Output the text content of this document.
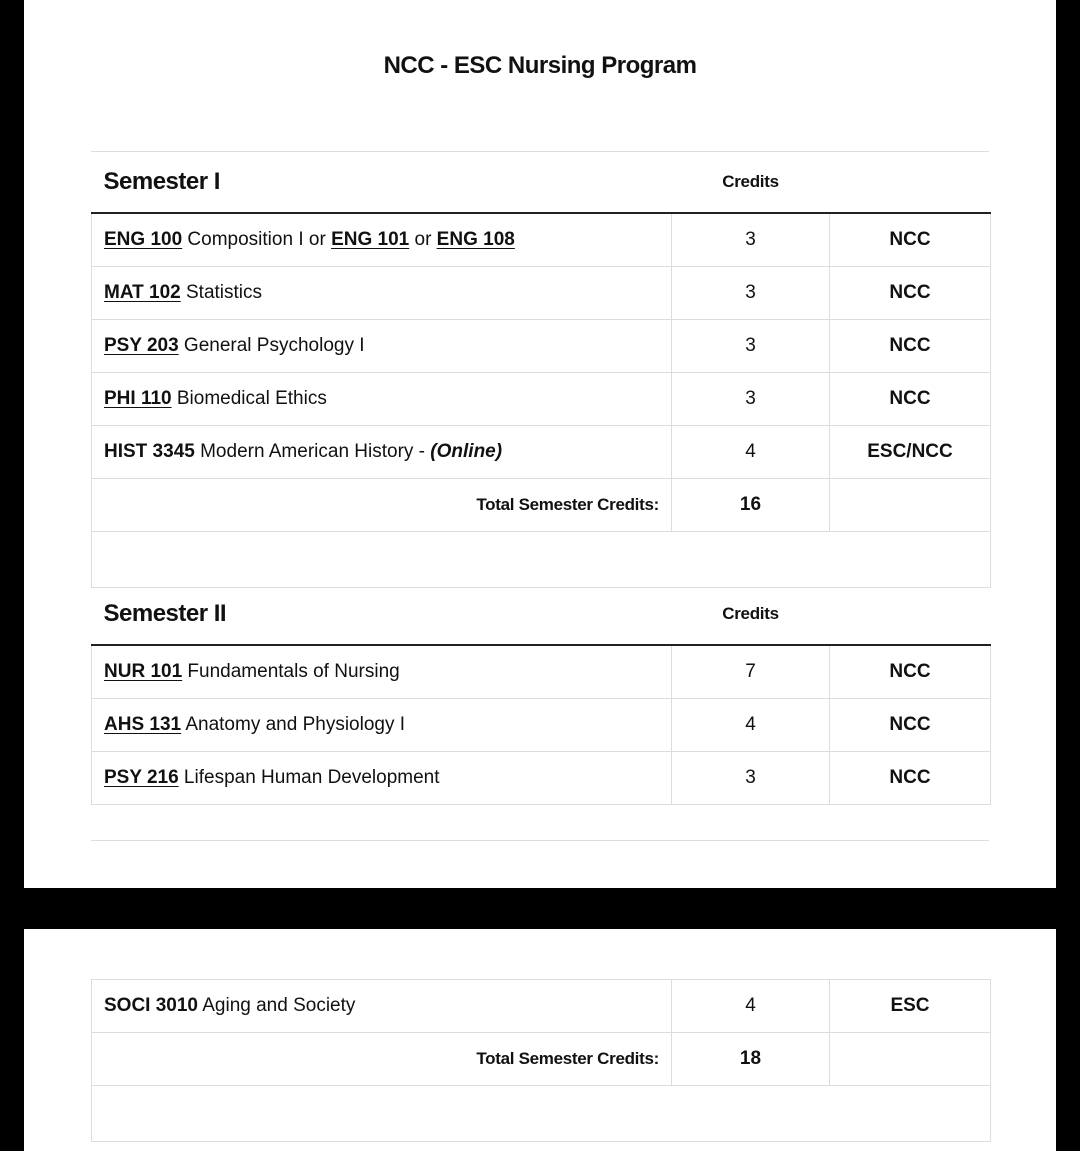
NCC - ESC Nursing Program
Semester I	Credits	
ENG 100 Composition I or ENG 101 or ENG 108	3	NCC
MAT 102 Statistics	3	NCC
PSY 203 General Psychology I	3	NCC
PHI 110 Biomedical Ethics	3	NCC
HIST 3345 Modern American History - (Online)	4	ESC/NCC
Total Semester Credits:	16	

Semester II	Credits	
NUR 101 Fundamentals of Nursing	7	NCC
AHS 131 Anatomy and Physiology I	4	NCC
PSY 216 Lifespan Human Development	3	NCC
SOCI 3010 Aging and Society	4	ESC
Total Semester Credits:	18	
